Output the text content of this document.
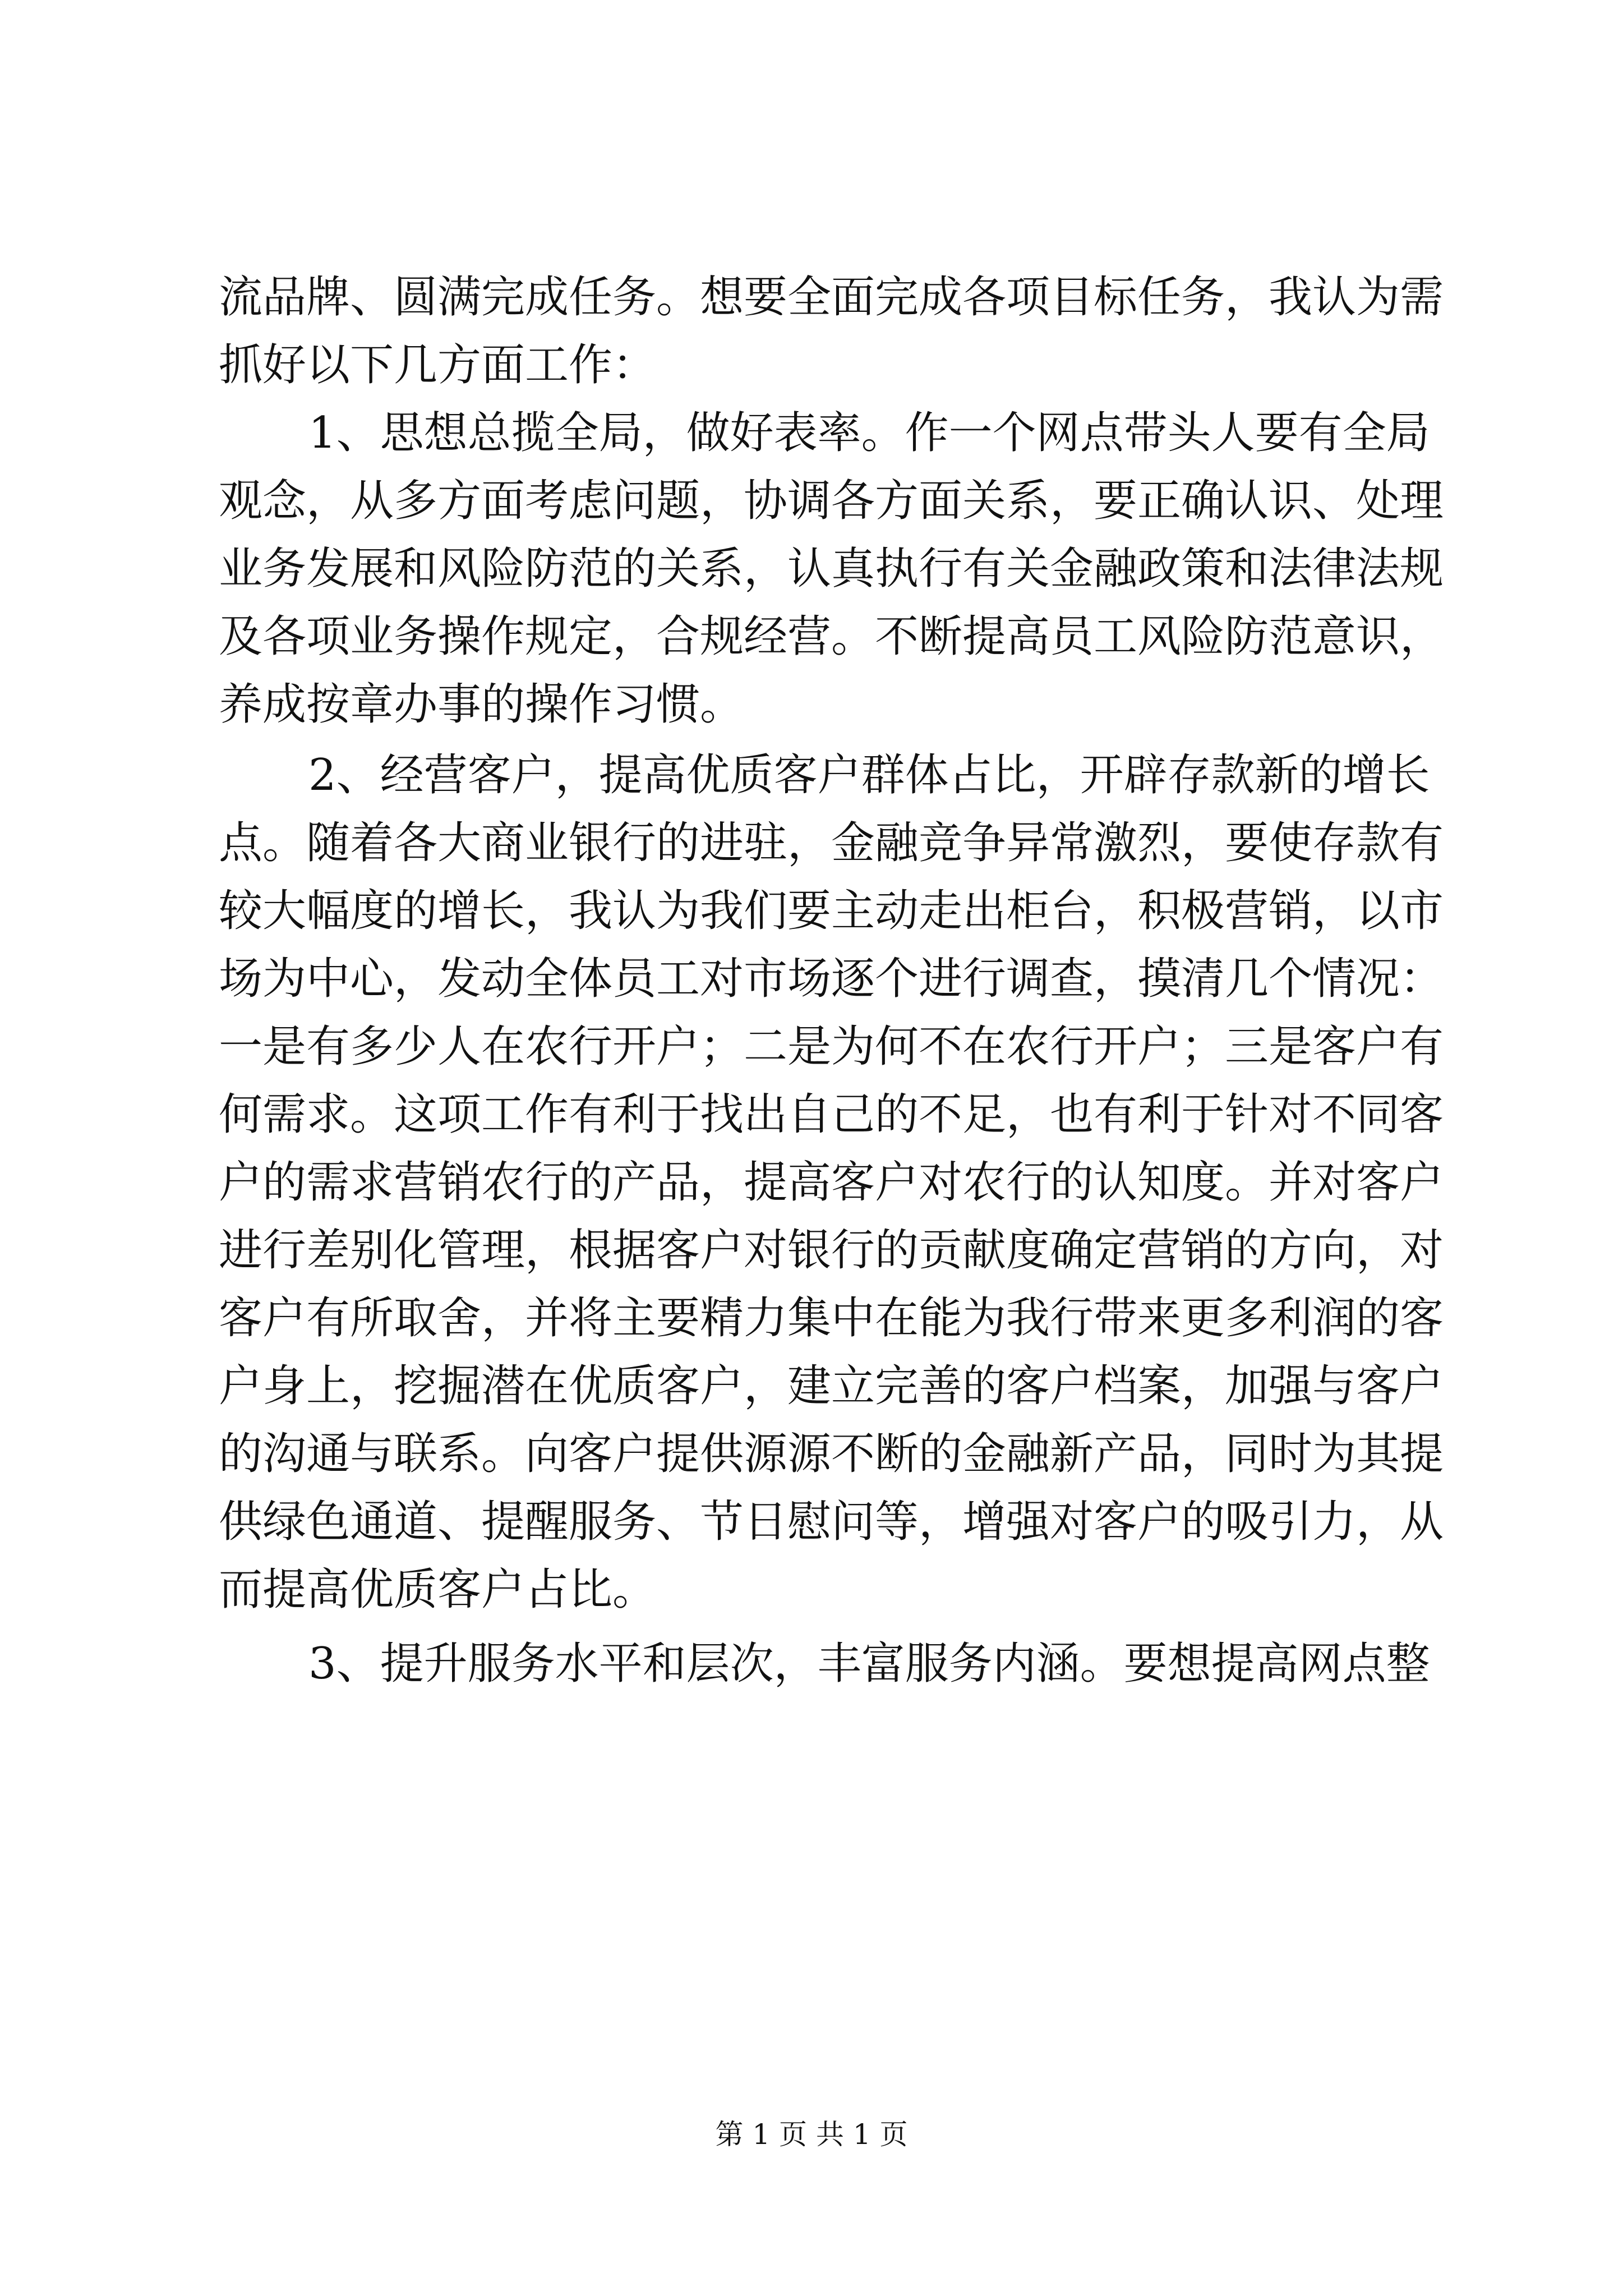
流品牌、圆满完成任务。想要全面完成各项目标任务，我认为需
抓好以下几方面工作：
1、思想总揽全局，做好表率。作一个网点带头人要有全局
观念，从多方面考虑问题，协调各方面关系，要正确认识、处理
业务发展和风险防范的关系，认真执行有关金融政策和法律法规
及各项业务操作规定，合规经营。不断提高员工风险防范意识，
养成按章办事的操作习惯。
2、经营客户，提高优质客户群体占比，开辟存款新的增长
点。随着各大商业银行的进驻，金融竞争异常激烈，要使存款有
较大幅度的增长，我认为我们要主动走出柜台，积极营销，以市
场为中心，发动全体员工对市场逐个进行调查，摸清几个情况：
一是有多少人在农行开户；二是为何不在农行开户；三是客户有
何需求。这项工作有利于找出自己的不足，也有利于针对不同客
户的需求营销农行的产品，提高客户对农行的认知度。并对客户
进行差别化管理，根据客户对银行的贡献度确定营销的方向，对
客户有所取舍，并将主要精力集中在能为我行带来更多利润的客
户身上，挖掘潜在优质客户，建立完善的客户档案，加强与客户
的沟通与联系。向客户提供源源不断的金融新产品，同时为其提
供绿色通道、提醒服务、节日慰问等，增强对客户的吸引力，从
而提高优质客户占比。
3、提升服务水平和层次，丰富服务内涵。要想提高网点整
第 1 页 共 1 页
